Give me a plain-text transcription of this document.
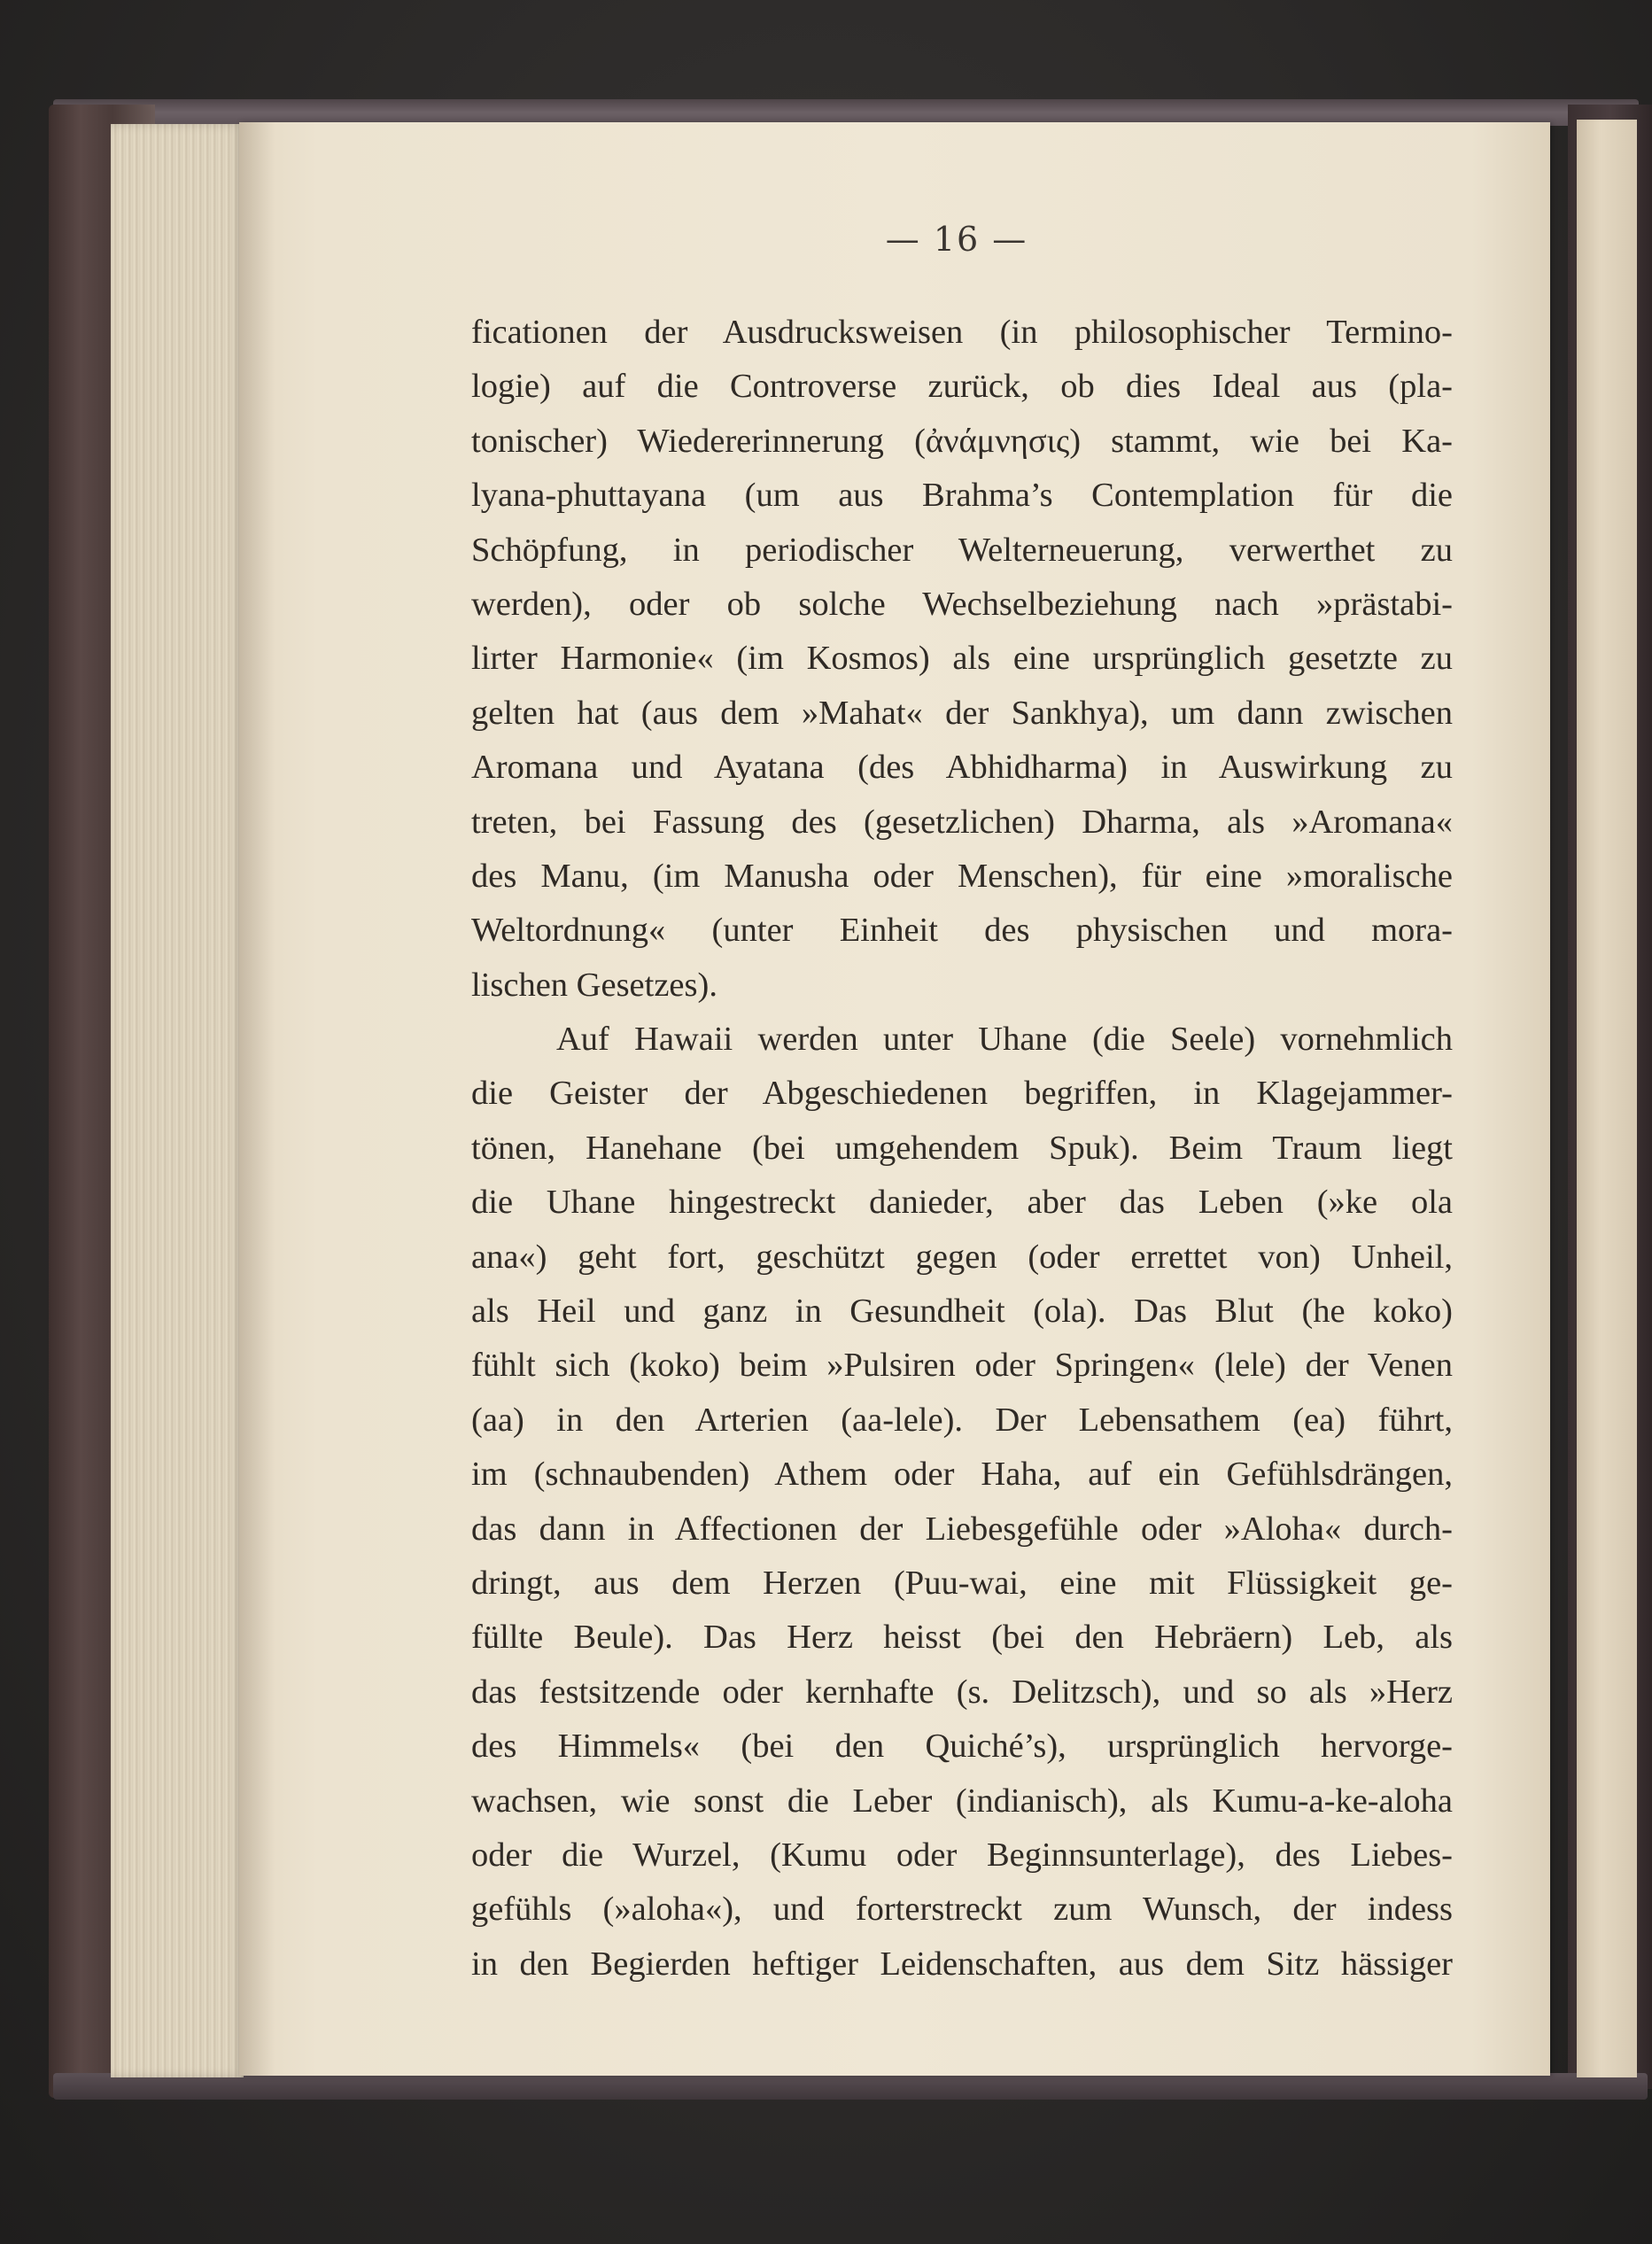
— 16 —
ficationen der Ausdrucksweisen (in philosophischer Termino-
logie) auf die Controverse zurück, ob dies Ideal aus (pla-
tonischer) Wiedererinnerung (ἀνάμνησις) stammt, wie bei Ka-
lyana-phuttayana (um aus Brahma’s Contemplation für die
Schöpfung, in periodischer Welterneuerung, verwerthet zu
werden), oder ob solche Wechselbeziehung nach »prästabi-
lirter Harmonie« (im Kosmos) als eine ursprünglich gesetzte zu
gelten hat (aus dem »Mahat« der Sankhya), um dann zwischen
Aromana und Ayatana (des Abhidharma) in Auswirkung zu
treten, bei Fassung des (gesetzlichen) Dharma, als »Aromana«
des Manu, (im Manusha oder Menschen), für eine »moralische
Weltordnung« (unter Einheit des physischen und mora-
lischen Gesetzes).
Auf Hawaii werden unter Uhane (die Seele) vornehmlich
die Geister der Abgeschiedenen begriffen, in Klagejammer-
tönen, Hanehane (bei umgehendem Spuk). Beim Traum liegt
die Uhane hingestreckt danieder, aber das Leben (»ke ola
ana«) geht fort, geschützt gegen (oder errettet von) Unheil,
als Heil und ganz in Gesundheit (ola). Das Blut (he koko)
fühlt sich (koko) beim »Pulsiren oder Springen« (lele) der Venen
(aa) in den Arterien (aa-lele). Der Lebensathem (ea) führt,
im (schnaubenden) Athem oder Haha, auf ein Gefühlsdrängen,
das dann in Affectionen der Liebesgefühle oder »Aloha« durch-
dringt, aus dem Herzen (Puu-wai, eine mit Flüssigkeit ge-
füllte Beule). Das Herz heisst (bei den Hebräern) Leb, als
das festsitzende oder kernhafte (s. Delitzsch), und so als »Herz
des Himmels« (bei den Quiché’s), ursprünglich hervorge-
wachsen, wie sonst die Leber (indianisch), als Kumu-a-ke-aloha
oder die Wurzel, (Kumu oder Beginnsunterlage), des Liebes-
gefühls (»aloha«), und forterstreckt zum Wunsch, der indess
in den Begierden heftiger Leidenschaften, aus dem Sitz hässiger
